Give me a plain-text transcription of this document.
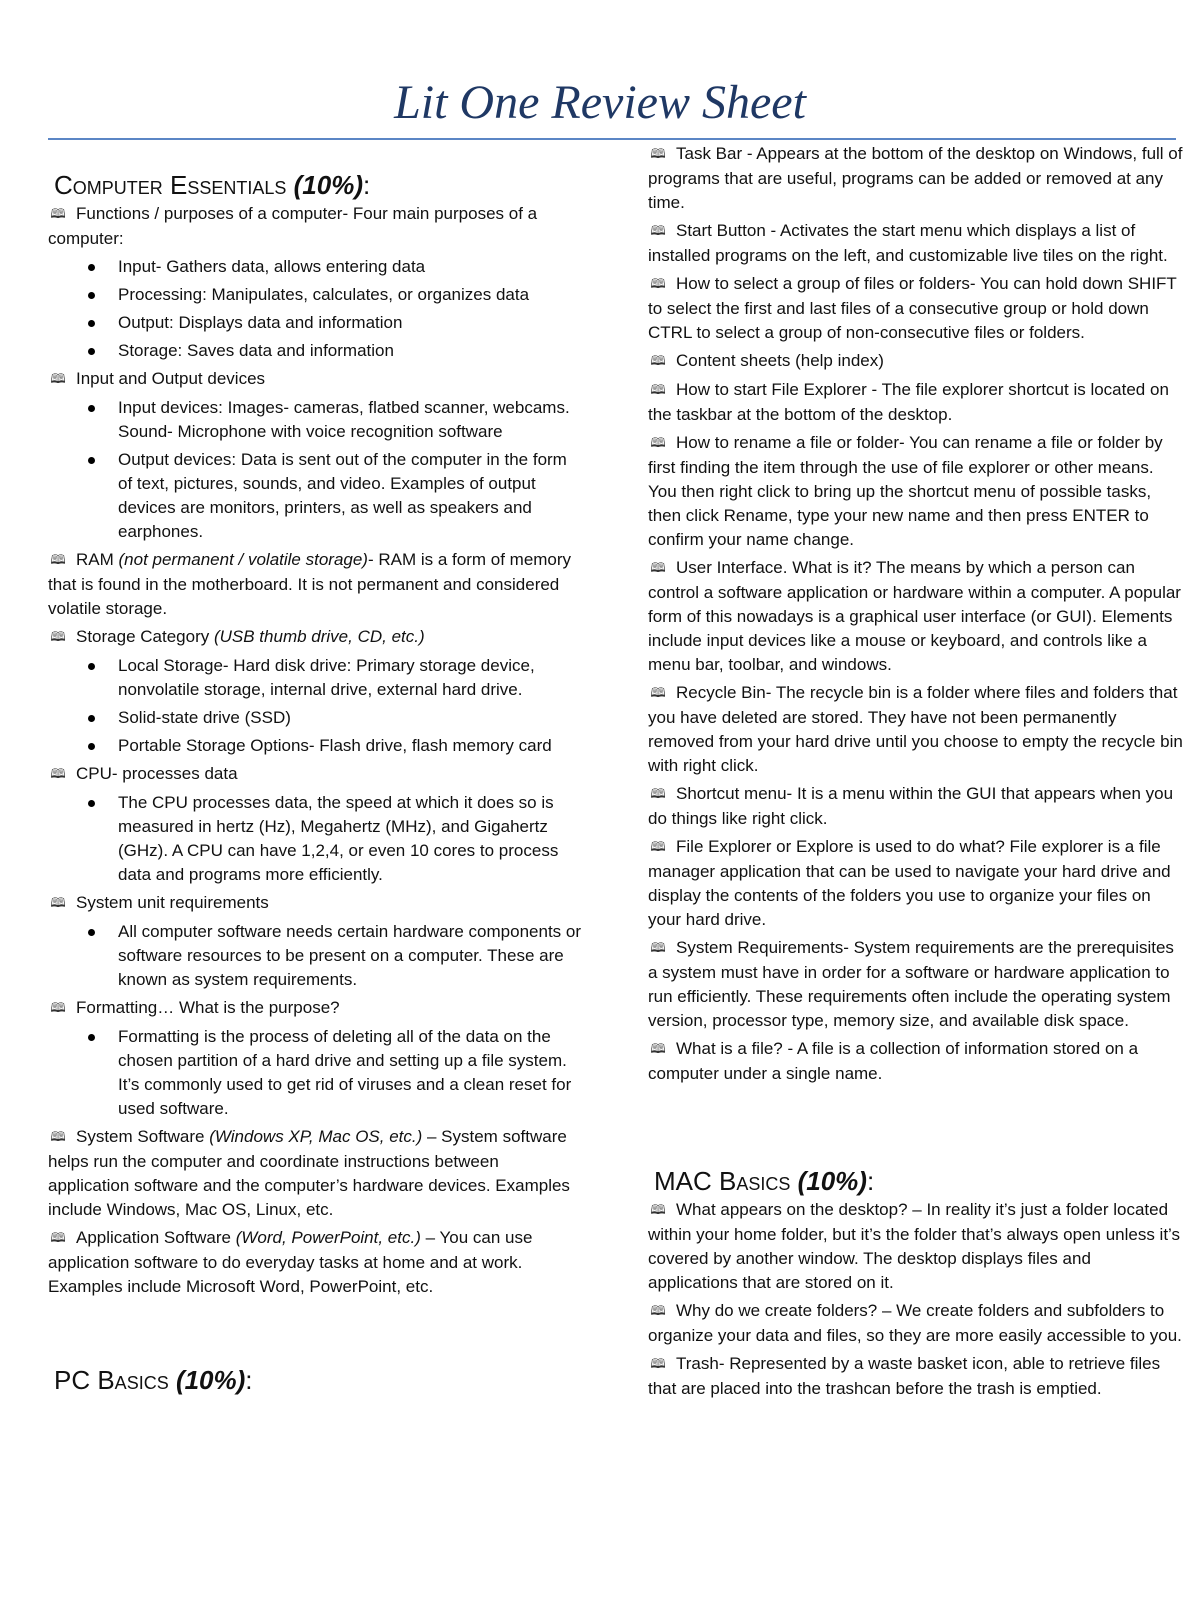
Lit One Review Sheet
Computer Essentials (10%):
🕮 Functions / purposes of a computer- Four main purposes of a computer:
Input- Gathers data, allows entering data
Processing: Manipulates, calculates, or organizes data
Output: Displays data and information
Storage: Saves data and information
🕮 Input and Output devices
Input devices: Images- cameras, flatbed scanner, webcams. Sound- Microphone with voice recognition software
Output devices: Data is sent out of the computer in the form of text, pictures, sounds, and video. Examples of output devices are monitors, printers, as well as speakers and earphones.
🕮 RAM (not permanent / volatile storage)- RAM is a form of memory that is found in the motherboard. It is not permanent and considered volatile storage.
🕮 Storage Category (USB thumb drive, CD, etc.)
Local Storage- Hard disk drive: Primary storage device, nonvolatile storage, internal drive, external hard drive.
Solid-state drive (SSD)
Portable Storage Options- Flash drive, flash memory card
🕮 CPU- processes data
The CPU processes data, the speed at which it does so is measured in hertz (Hz), Megahertz (MHz), and Gigahertz (GHz). A CPU can have 1,2,4, or even 10 cores to process data and programs more efficiently.
🕮 System unit requirements
All computer software needs certain hardware components or software resources to be present on a computer. These are known as system requirements.
🕮 Formatting… What is the purpose?
Formatting is the process of deleting all of the data on the chosen partition of a hard drive and setting up a file system. It’s commonly used to get rid of viruses and a clean reset for used software.
🕮 System Software (Windows XP, Mac OS, etc.) – System software helps run the computer and coordinate instructions between application software and the computer’s hardware devices. Examples include Windows, Mac OS, Linux, etc.
🕮 Application Software (Word, PowerPoint, etc.) – You can use application software to do everyday tasks at home and at work. Examples include Microsoft Word, PowerPoint, etc.
PC Basics (10%):
🕮 Task Bar - Appears at the bottom of the desktop on Windows, full of programs that are useful, programs can be added or removed at any time.
🕮 Start Button - Activates the start menu which displays a list of installed programs on the left, and customizable live tiles on the right.
🕮 How to select a group of files or folders- You can hold down SHIFT to select the first and last files of a consecutive group or hold down CTRL to select a group of non-consecutive files or folders.
🕮 Content sheets (help index)
🕮 How to start File Explorer - The file explorer shortcut is located on the taskbar at the bottom of the desktop.
🕮 How to rename a file or folder- You can rename a file or folder by first finding the item through the use of file explorer or other means. You then right click to bring up the shortcut menu of possible tasks, then click Rename, type your new name and then press ENTER to confirm your name change.
🕮 User Interface. What is it? The means by which a person can control a software application or hardware within a computer. A popular form of this nowadays is a graphical user interface (or GUI). Elements include input devices like a mouse or keyboard, and controls like a menu bar, toolbar, and windows.
🕮 Recycle Bin- The recycle bin is a folder where files and folders that you have deleted are stored. They have not been permanently removed from your hard drive until you choose to empty the recycle bin with right click.
🕮 Shortcut menu- It is a menu within the GUI that appears when you do things like right click.
🕮 File Explorer or Explore is used to do what? File explorer is a file manager application that can be used to navigate your hard drive and display the contents of the folders you use to organize your files on your hard drive.
🕮 System Requirements- System requirements are the prerequisites a system must have in order for a software or hardware application to run efficiently. These requirements often include the operating system version, processor type, memory size, and available disk space.
🕮 What is a file? - A file is a collection of information stored on a computer under a single name.
MAC Basics (10%):
🕮 What appears on the desktop? – In reality it’s just a folder located within your home folder, but it’s the folder that’s always open unless it’s covered by another window. The desktop displays files and applications that are stored on it.
🕮 Why do we create folders? – We create folders and subfolders to organize your data and files, so they are more easily accessible to you.
🕮 Trash- Represented by a waste basket icon, able to retrieve files that are placed into the trashcan before the trash is emptied.
